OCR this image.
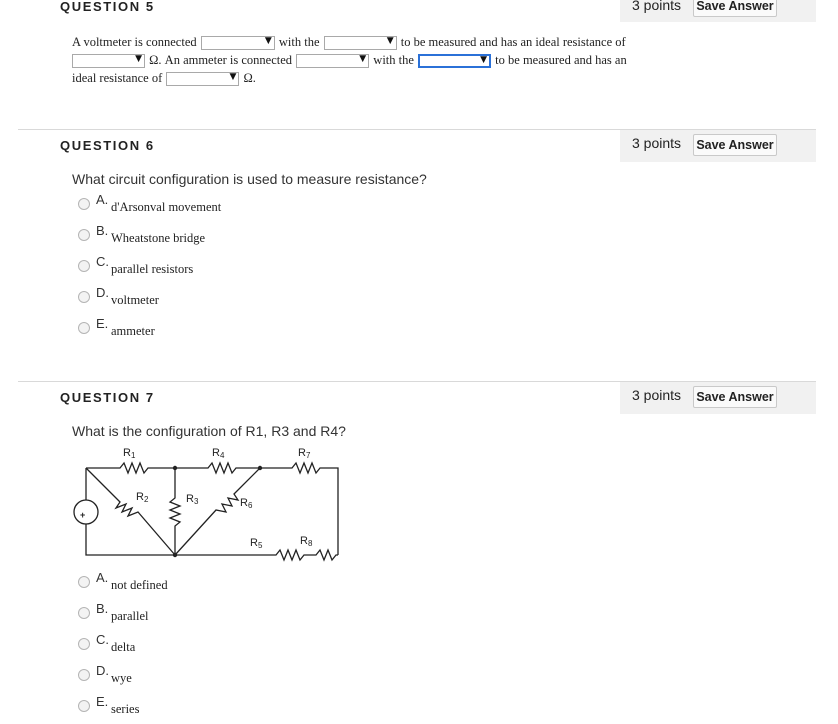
QUESTION 5	3 points Save Answer
A voltmeter is connected	▼ with the	▼ to be measured and has an ideal resistance of
▼ Ω. An ammeter is connected	▼ with the	▼ to be measured and has an
ideal resistance of	▼ Ω.
QUESTION 6	3 points Save Answer
What circuit configuration is used to measure resistance?
A. d'Arsonval movement
B. Wheatstone bridge
C. parallel resistors
D. voltmeter
E. ammeter
QUESTION 7	3 points Save Answer
What is the configuration of R1, R3 and R4?
+
R1	R4	R7
R2	R3	R6
R5	R8
A. not defined
B. parallel
C. delta
D. wye
E. series
